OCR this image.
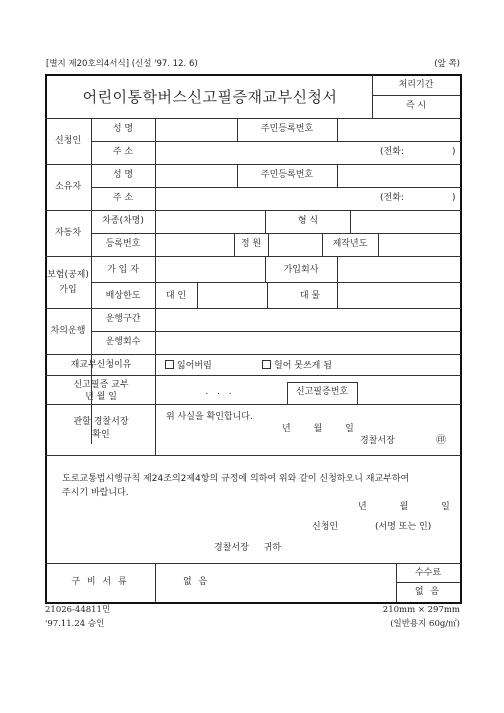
[별지 제20호의4서식] (신설 '97. 12. 6)	(앞 쪽)
어린이통학버스신고필증재교부신청서
처리기간
즉 시
신청인
성 명	주민등록번호
주 소	(전화:	)
소유자
성 명	주민등록번호
주 소	(전화:	)
자동차
차종(차명)	형 식
등록번호	정 원	제작년도
보험(공제)
가입
가 입 자	가입회사
배상한도	대 인	대 물
차의운행
운행구간
운행회수
재교부신청이유	잃어버림	헐어 못쓰게 됨
신고필증 교부
년 월 일	. . .	신고필증번호
관할 경찰서장
확인
위 사실을 확인합니다.
년 월 일
경찰서장	㊞
도로교통법시행규칙 제24조의2제4항의 규정에 의하여 위와 같이 신청하오니 재교부하여
주시기 바랍니다.
년 월 일
신청인	(서명 또는 인)
경찰서장 귀하
구 비 서 류	없 음
수수료
없 음
21026-44811민
'97.11.24 승인
210mm × 297mm
(일반용지 60g/㎡)
